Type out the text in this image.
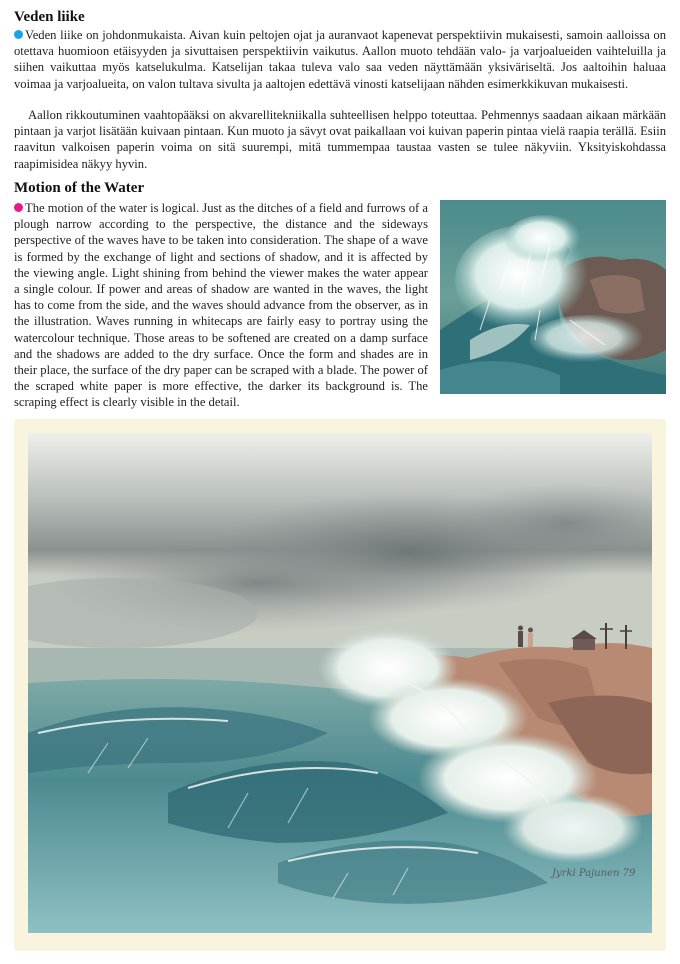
Veden liike

Veden liike on johdonmukaista. Aivan kuin peltojen ojat ja auranvaot kapenevat perspektiivin mukaisesti, samoin aalloissa on otettava huomioon etäisyyden ja sivuttaisen perspektiivin vaikutus. Aallon muoto tehdään valo- ja varjoalueiden vaihteluilla ja siihen vaikuttaa myös katselukulma. Katselijan takaa tuleva valo saa veden näyttämään yksiväriseltä. Jos aaltoihin haluaa voimaa ja varjoalueita, on valon tultava sivulta ja aaltojen edettävä vinosti katselijaan nähden esimerkkikuvan mukaisesti.

Aallon rikkoutuminen vaahtopääksi on akvarellitekniikalla suhteellisen helppo toteuttaa. Pehmennys saadaan aikaan märkään pintaan ja varjot lisätään kuivaan pintaan. Kun muoto ja sävyt ovat paikallaan voi kuivan paperin pintaa vielä raapia terällä. Esiin raavitun valkoisen paperin voima on sitä suurempi, mitä tummempaa taustaa vasten se tulee näkyviin. Yksityiskohdassa raapimisidea näkyy hyvin.

Motion of the Water

The motion of the water is logical. Just as the ditches of a field and furrows of a plough narrow according to the perspective, the distance and the sideways perspective of the waves have to be taken into consideration. The shape of a wave is formed by the exchange of light and sections of shadow, and it is affected by the viewing angle. Light shining from behind the viewer makes the water appear a single colour. If power and areas of shadow are wanted in the waves, the light has to come from the side, and the waves should advance from the observer, as in the illustration. Waves running in whitecaps are fairly easy to portray using the watercolour technique. Those areas to be softened are created on a damp surface and the shadows are added to the dry surface. Once the form and shades are in their place, the surface of the dry paper can be scraped with a blade. The power of the scraped white paper is more effective, the darker its background is. The scraping effect is clearly visible in the detail.

Jyrki Pajunen 79
